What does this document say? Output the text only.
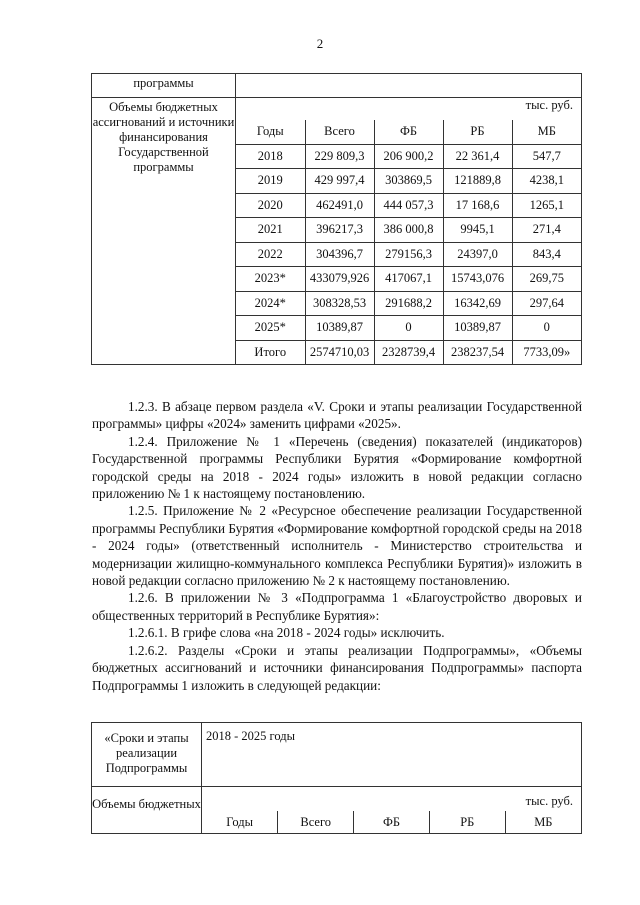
2
программы	
Объемы бюджетных ассигнований и источники финансирования Государственной программы	
тыс. руб.
Годы	Всего	ФБ	РБ	МБ
2018	229 809,3	206 900,2	22 361,4	547,7
2019	429 997,4	303869,5	121889,8	4238,1
2020	462491,0	444 057,3	17 168,6	1265,1
2021	396217,3	386 000,8	9945,1	271,4
2022	304396,7	279156,3	24397,0	843,4
2023*	433079,926	417067,1	15743,076	269,75
2024*	308328,53	291688,2	16342,69	297,64
2025*	10389,87	0	10389,87	0
Итого	2574710,03	2328739,4	238237,54	7733,09»

1.2.3. В абзаце первом раздела «V. Сроки и этапы реализации Государственной программы» цифры «2024» заменить цифрами «2025».

1.2.4. Приложение № 1 «Перечень (сведения) показателей (индикаторов) Государственной программы Республики Бурятия «Формирование комфортной городской среды на 2018 - 2024 годы» изложить в новой редакции согласно приложению № 1 к настоящему постановлению.

1.2.5. Приложение № 2 «Ресурсное обеспечение реализации Государственной программы Республики Бурятия «Формирование комфортной городской среды на 2018 - 2024 годы» (ответственный исполнитель - Министерство строительства и модернизации жилищно-коммунального комплекса Республики Бурятия)» изложить в новой редакции согласно приложению № 2 к настоящему постановлению.

1.2.6. В приложении № 3 «Подпрограмма 1 «Благоустройство дворовых и общественных территорий в Республике Бурятия»:

1.2.6.1. В грифе слова «на 2018 - 2024 годы» исключить.

1.2.6.2. Разделы «Сроки и этапы реализации Подпрограммы», «Объемы бюджетных ассигнований и источники финансирования Подпрограммы» паспорта Подпрограммы 1 изложить в следующей редакции:

«Сроки и этапы реализации Подпрограммы	2018 - 2025 годы
Объемы бюджетных	тыс. руб.
Годы	Всего	ФБ	РБ	МБ
